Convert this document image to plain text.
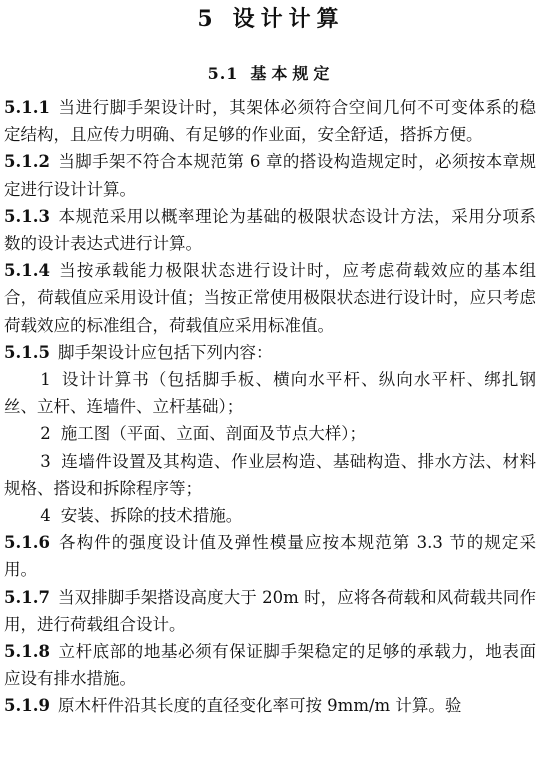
5 设计计算
5.1 基本规定

5.1.1 当进行脚手架设计时，其架体必须符合空间几何不可变体系的稳定结构，且应传力明确、有足够的作业面，安全舒适，搭拆方便。

5.1.2 当脚手架不符合本规范第 6 章的搭设构造规定时，必须按本章规定进行设计计算。

5.1.3 本规范采用以概率理论为基础的极限状态设计方法，采用分项系数的设计表达式进行计算。

5.1.4 当按承载能力极限状态进行设计时，应考虑荷载效应的基本组合，荷载值应采用设计值；当按正常使用极限状态进行设计时，应只考虑荷载效应的标准组合，荷载值应采用标准值。

5.1.5 脚手架设计应包括下列内容：

1 设计计算书（包括脚手板、横向水平杆、纵向水平杆、绑扎钢丝、立杆、连墙件、立杆基础）；

2 施工图（平面、立面、剖面及节点大样）；

3 连墙件设置及其构造、作业层构造、基础构造、排水方法、材料规格、搭设和拆除程序等；

4 安装、拆除的技术措施。

5.1.6 各构件的强度设计值及弹性模量应按本规范第 3.3 节的规定采用。

5.1.7 当双排脚手架搭设高度大于 20m 时，应将各荷载和风荷载共同作用，进行荷载组合设计。

5.1.8 立杆底部的地基必须有保证脚手架稳定的足够的承载力，地表面应设有排水措施。

5.1.9 原木杆件沿其长度的直径变化率可按 9mm/m 计算。验
